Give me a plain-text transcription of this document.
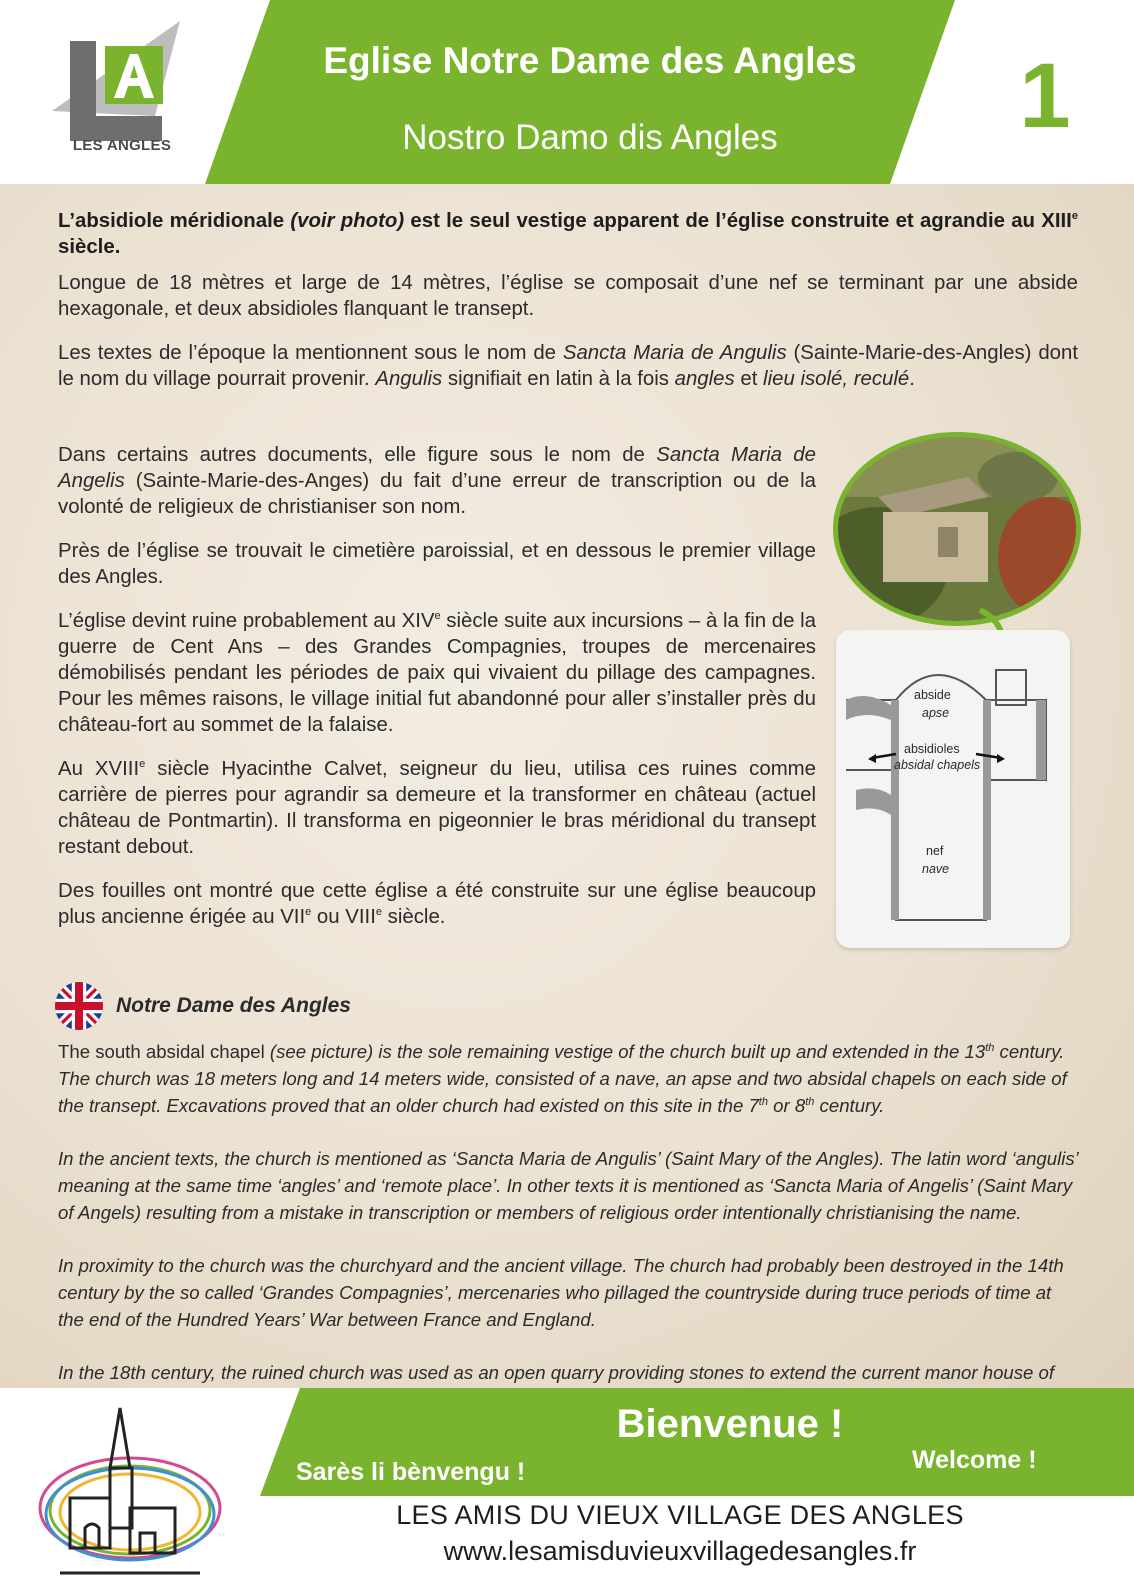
LES ANGLES
Eglise Notre Dame des Angles
Nostro Damo dis Angles	1

L’absidiole méridionale (voir photo) est le seul vestige apparent de l’église construite et agrandie au XIIIe siècle.

Longue de 18 mètres et large de 14 mètres, l’église se composait d’une nef se terminant par une abside hexagonale, et deux absidioles flanquant le transept.

Les textes de l’époque la mentionnent sous le nom de Sancta Maria de Angulis (Sainte-Marie-des-Angles) dont le nom du village pourrait provenir. Angulis signifiait en latin à la fois angles et lieu isolé, reculé.

Dans certains autres documents, elle figure sous le nom de Sancta Maria de Angelis (Sainte-Marie-des-Anges) du fait d’une erreur de transcription ou de la volonté de religieux de christianiser son nom.

Près de l’église se trouvait le cimetière paroissial, et en dessous le premier village des Angles.

L’église devint ruine probablement au XIVe siècle suite aux incursions – à la fin de la guerre de Cent Ans – des Grandes Compagnies, troupes de mercenaires démobilisés pendant les périodes de paix qui vivaient du pillage des campagnes. Pour les mêmes raisons, le village initial fut abandonné pour aller s’installer près du château-fort au sommet de la falaise.

Au XVIIIe siècle Hyacinthe Calvet, seigneur du lieu, utilisa ces ruines comme carrière de pierres pour agrandir sa demeure et la transformer en château (actuel château de Pontmartin). Il transforma en pigeonnier le bras méridional du transept restant debout.

Des fouilles ont montré que cette église a été construite sur une église beaucoup plus ancienne érigée au VIIe ou VIIIe siècle.

abside
apse
absidioles
absidal chapels
nef
nave
Notre Dame des Angles

The south absidal chapel (see picture) is the sole remaining vestige of the church built up and extended in the 13th century. The church was 18 meters long and 14 meters wide, consisted of a nave, an apse and two absidal chapels on each side of the transept. Excavations proved that an older church had existed on this site in the 7th or 8th century.

In the ancient texts, the church is mentioned as ‘Sancta Maria de Angulis’ (Saint Mary of the Angles). The latin word ‘angulis’ meaning at the same time ‘angles’ and ‘remote place’. In other texts it is mentioned as ‘Sancta Maria of Angelis’ (Saint Mary of Angels) resulting from a mistake in transcription or members of religious order intentionally christianising the name.

In proximity to the church was the churchyard and the ancient village. The church had probably been destroyed in the 14th century by the so called ‘Grandes Compagnies’, mercenaries who pillaged the countryside during truce periods of time at the end of the Hundred Years’ War between France and England.

In the 18th century, the ruined church was used as an open quarry providing stones to extend the current manor house of

Bienvenue !
Sarès li bènvengu !	Welcome !
LES AMIS DU VIEUX VILLAGE DES ANGLES
www.lesamisduvieuxvillagedesangles.fr
